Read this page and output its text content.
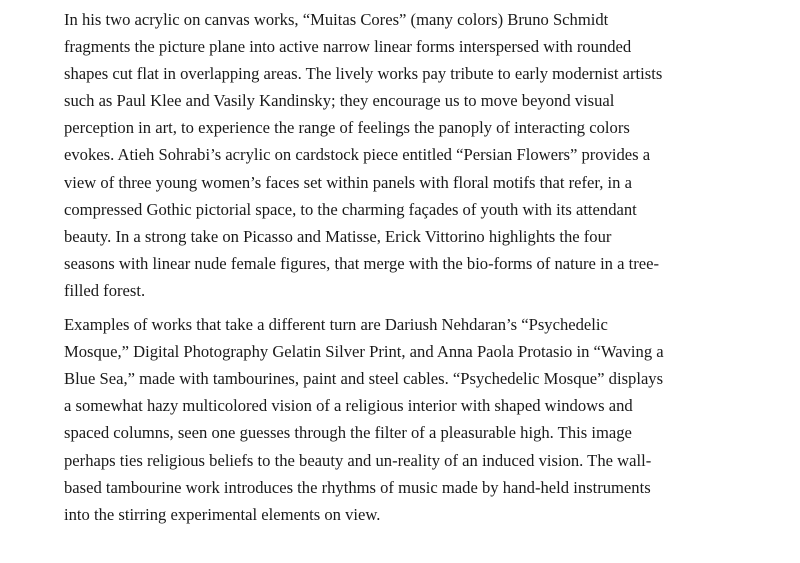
In his two acrylic on canvas works, “Muitas Cores” (many colors) Bruno Schmidt
fragments the picture plane into active narrow linear forms interspersed with rounded
shapes cut flat in overlapping areas. The lively works pay tribute to early modernist artists
such as Paul Klee and Vasily Kandinsky; they encourage us to move beyond visual
perception in art, to experience the range of feelings the panoply of interacting colors
evokes. Atieh Sohrabi’s acrylic on cardstock piece entitled “Persian Flowers” provides a
view of three young women’s faces set within panels with floral motifs that refer, in a
compressed Gothic pictorial space, to the charming façades of youth with its attendant
beauty. In a strong take on Picasso and Matisse, Erick Vittorino highlights the four
seasons with linear nude female figures, that merge with the bio-forms of nature in a tree-
filled forest.

Examples of works that take a different turn are Dariush Nehdaran’s “Psychedelic
Mosque,” Digital Photography Gelatin Silver Print, and Anna Paola Protasio in “Waving a
Blue Sea,” made with tambourines, paint and steel cables. “Psychedelic Mosque” displays
a somewhat hazy multicolored vision of a religious interior with shaped windows and
spaced columns, seen one guesses through the filter of a pleasurable high. This image
perhaps ties religious beliefs to the beauty and un-reality of an induced vision. The wall-
based tambourine work introduces the rhythms of music made by hand-held instruments
into the stirring experimental elements on view.
